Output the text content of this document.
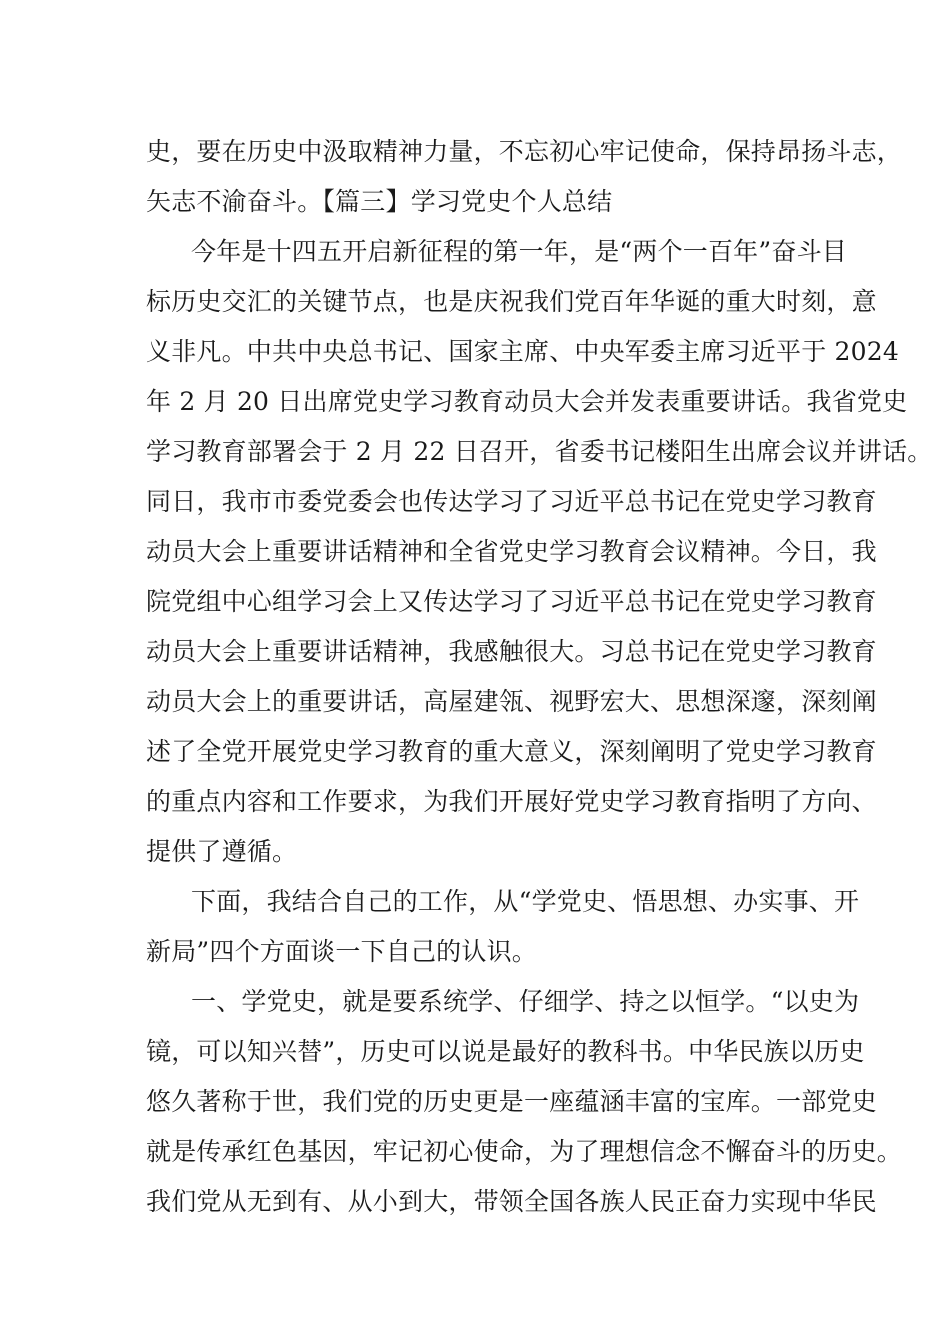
史，要在历史中汲取精神力量，不忘初心牢记使命，保持昂扬斗志，
矢志不渝奋斗。【篇三】学习党史个人总结
今年是十四五开启新征程的第一年，是“两个一百年”奋斗目
标历史交汇的关键节点，也是庆祝我们党百年华诞的重大时刻，意
义非凡。中共中央总书记、国家主席、中央军委主席习近平于 2024
年 2 月 20 日出席党史学习教育动员大会并发表重要讲话。我省党史
学习教育部署会于 2 月 22 日召开，省委书记楼阳生出席会议并讲话。
同日，我市市委党委会也传达学习了习近平总书记在党史学习教育
动员大会上重要讲话精神和全省党史学习教育会议精神。今日，我
院党组中心组学习会上又传达学习了习近平总书记在党史学习教育
动员大会上重要讲话精神，我感触很大。习总书记在党史学习教育
动员大会上的重要讲话，高屋建瓴、视野宏大、思想深邃，深刻阐
述了全党开展党史学习教育的重大意义，深刻阐明了党史学习教育
的重点内容和工作要求，为我们开展好党史学习教育指明了方向、
提供了遵循。
下面，我结合自己的工作，从“学党史、悟思想、办实事、开
新局”四个方面谈一下自己的认识。
一、学党史，就是要系统学、仔细学、持之以恒学。“以史为
镜，可以知兴替”，历史可以说是最好的教科书。中华民族以历史
悠久著称于世，我们党的历史更是一座蕴涵丰富的宝库。一部党史
就是传承红色基因，牢记初心使命，为了理想信念不懈奋斗的历史。
我们党从无到有、从小到大，带领全国各族人民正奋力实现中华民
